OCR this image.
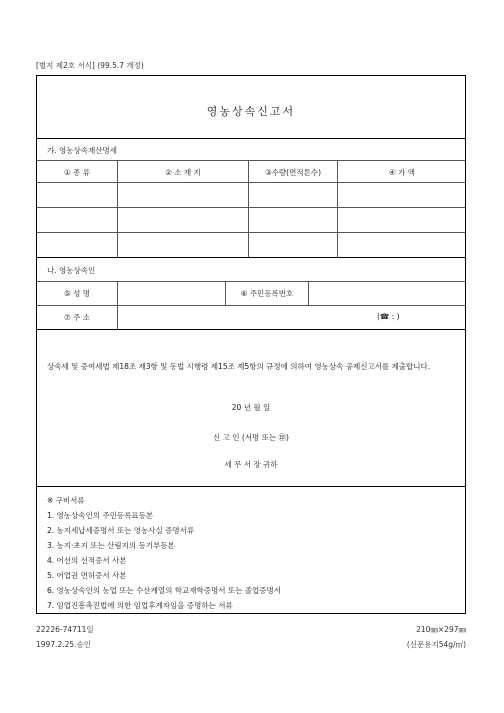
[별지 제2호 서식] (99.5.7 개정)
영농상속신고서
가. 영농상속재산명세
① 종 류	② 소 재 지	③수량(면적톤수)	④ 가 액
나. 영농상속인
⑤ 성 명	⑥ 주민등록번호
⑦ 주 소	(☎ : )
상속세 및 증여세법 제18조 제3항 및 동법 시행령 제15조 제5항의 규정에 의하여 영농상속 공제신고서를 제출합니다.
20 년 월 일
신 고 인 (서명 또는 ㊞)
세 무 서 장 귀하
※ 구비서류
1. 영농상속인의 주민등록표등본
2. 농지세납세증명서 또는 영농사실 증명서류
3. 농지·초지 또는 산림지의 등기부등본
4. 어선의 선적증서 사본
5. 어업권 면허증서 사본
6. 영농상속인의 농업 또는 수산계열의 학교재학증명서 또는 졸업증명서
7. 임업진흥촉진법에 의한 임업후계자임을 증명하는 서류
22226-74711일
1997.2.25.승인
210㎜×297㎜
(신문용지54g/㎡)
